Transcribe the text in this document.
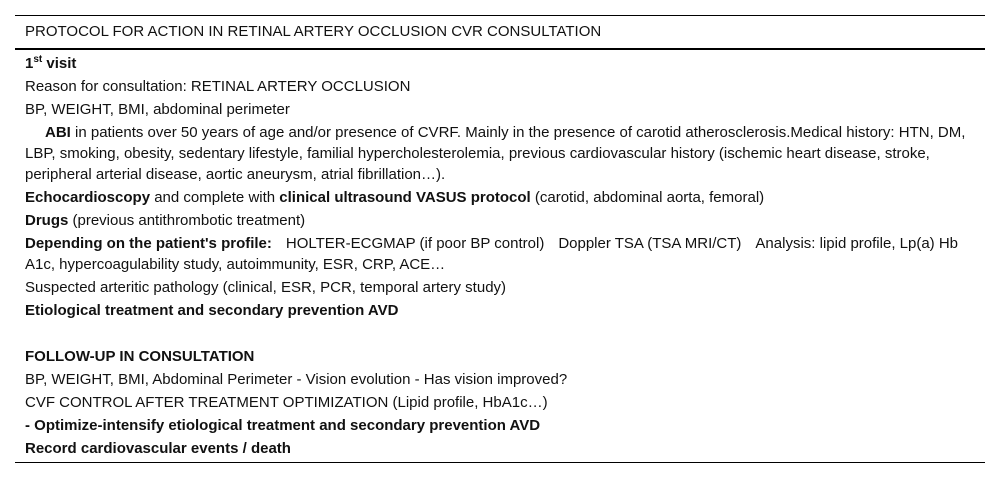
PROTOCOL FOR ACTION IN RETINAL ARTERY OCCLUSION CVR CONSULTATION
1st visit
Reason for consultation: RETINAL ARTERY OCCLUSION
BP, WEIGHT, BMI, abdominal perimeter
ABI in patients over 50 years of age and/or presence of CVRF. Mainly in the presence of carotid atherosclerosis.Medical history: HTN, DM, LBP, smoking, obesity, sedentary lifestyle, familial hypercholesterolemia, previous cardiovascular history (ischemic heart disease, stroke, peripheral arterial disease, aortic aneurysm, atrial fibrillation…).
Echocardioscopy and complete with clinical ultrasound VASUS protocol (carotid, abdominal aorta, femoral)
Drugs (previous antithrombotic treatment)
Depending on the patient's profile: HOLTER-ECGMAP (if poor BP control) Doppler TSA (TSA MRI/CT) Analysis: lipid profile, Lp(a) Hb A1c, hypercoagulability study, autoimmunity, ESR, CRP, ACE…
Suspected arteritic pathology (clinical, ESR, PCR, temporal artery study)
Etiological treatment and secondary prevention AVD
FOLLOW-UP IN CONSULTATION
BP, WEIGHT, BMI, Abdominal Perimeter - Vision evolution - Has vision improved?
CVF CONTROL AFTER TREATMENT OPTIMIZATION (Lipid profile, HbA1c…)
- Optimize-intensify etiological treatment and secondary prevention AVD
Record cardiovascular events / death
